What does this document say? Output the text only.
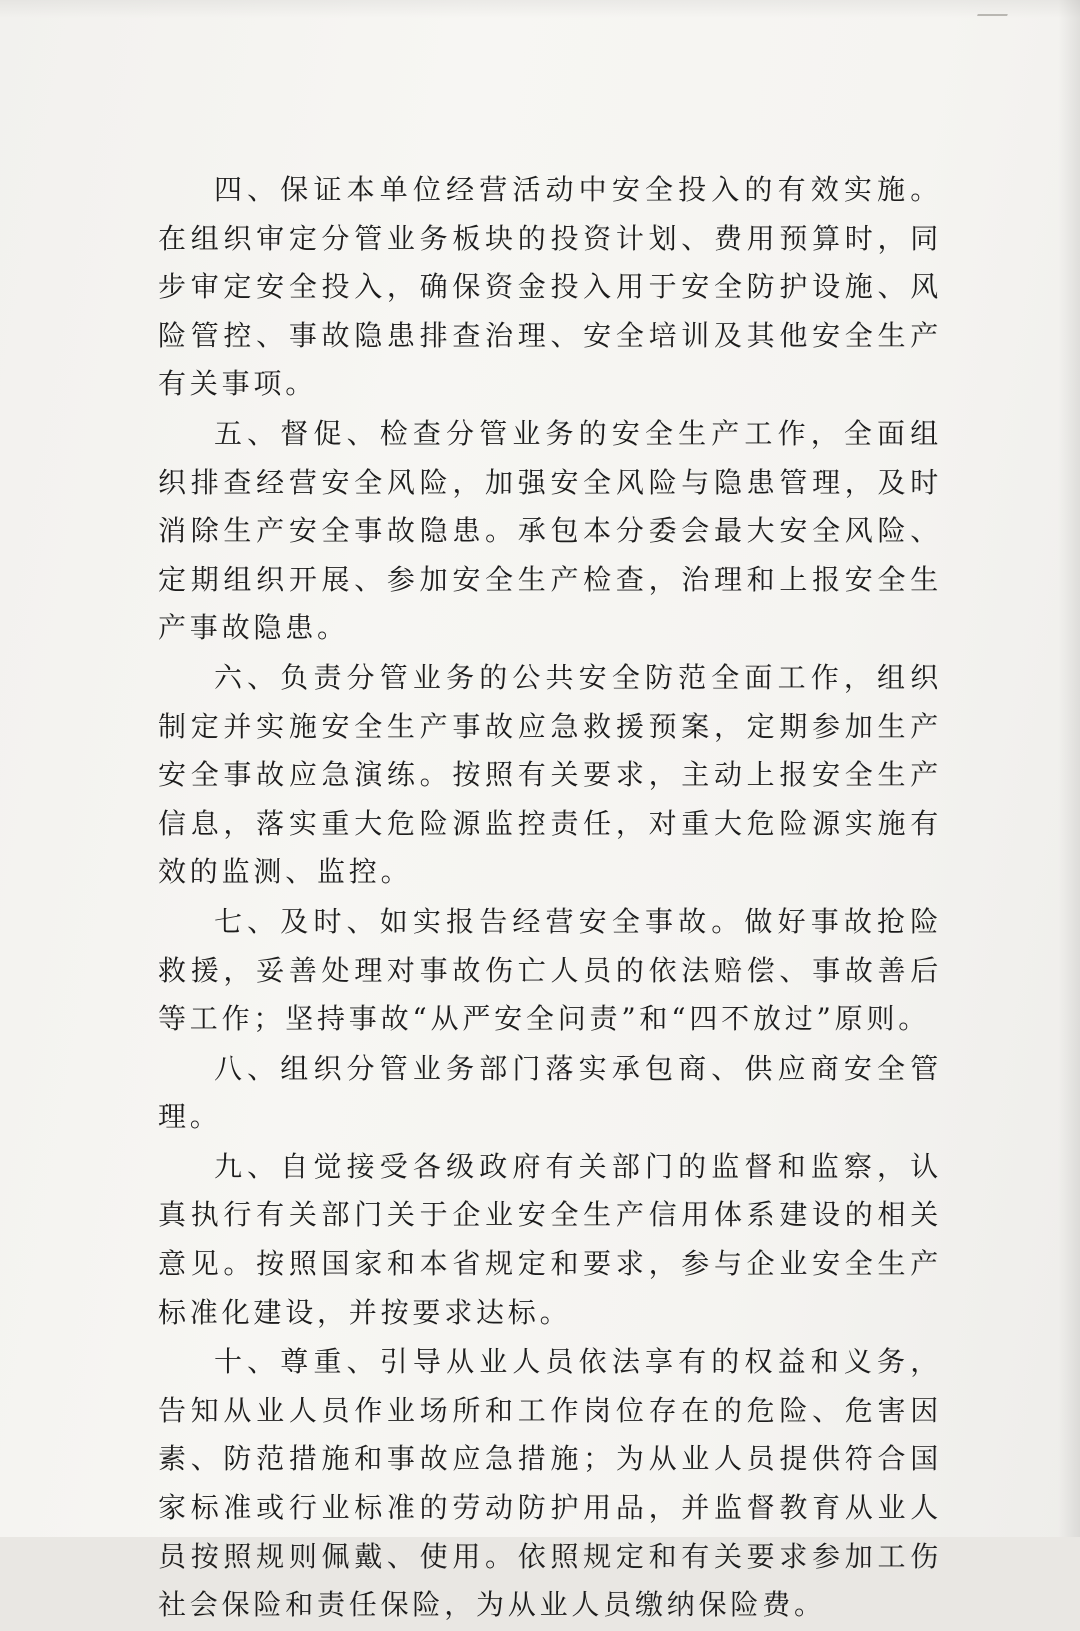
四、保证本单位经营活动中安全投入的有效实施。在组织审定分管业务板块的投资计划、费用预算时，同步审定安全投入，确保资金投入用于安全防护设施、风险管控、事故隐患排查治理、安全培训及其他安全生产有关事项。

五、督促、检查分管业务的安全生产工作，全面组织排查经营安全风险，加强安全风险与隐患管理，及时消除生产安全事故隐患。承包本分委会最大安全风险、定期组织开展、参加安全生产检查，治理和上报安全生产事故隐患。

六、负责分管业务的公共安全防范全面工作，组织制定并实施安全生产事故应急救援预案，定期参加生产安全事故应急演练。按照有关要求，主动上报安全生产信息，落实重大危险源监控责任，对重大危险源实施有效的监测、监控。

七、及时、如实报告经营安全事故。做好事故抢险救援，妥善处理对事故伤亡人员的依法赔偿、事故善后等工作；坚持事故“从严安全问责”和“四不放过”原则。

八、组织分管业务部门落实承包商、供应商安全管理。

九、自觉接受各级政府有关部门的监督和监察，认真执行有关部门关于企业安全生产信用体系建设的相关意见。按照国家和本省规定和要求，参与企业安全生产标准化建设，并按要求达标。

十、尊重、引导从业人员依法享有的权益和义务，告知从业人员作业场所和工作岗位存在的危险、危害因素、防范措施和事故应急措施；为从业人员提供符合国家标准或行业标准的劳动防护用品，并监督教育从业人员按照规则佩戴、使用。依照规定和有关要求参加工伤社会保险和责任保险，为从业人员缴纳保险费。
